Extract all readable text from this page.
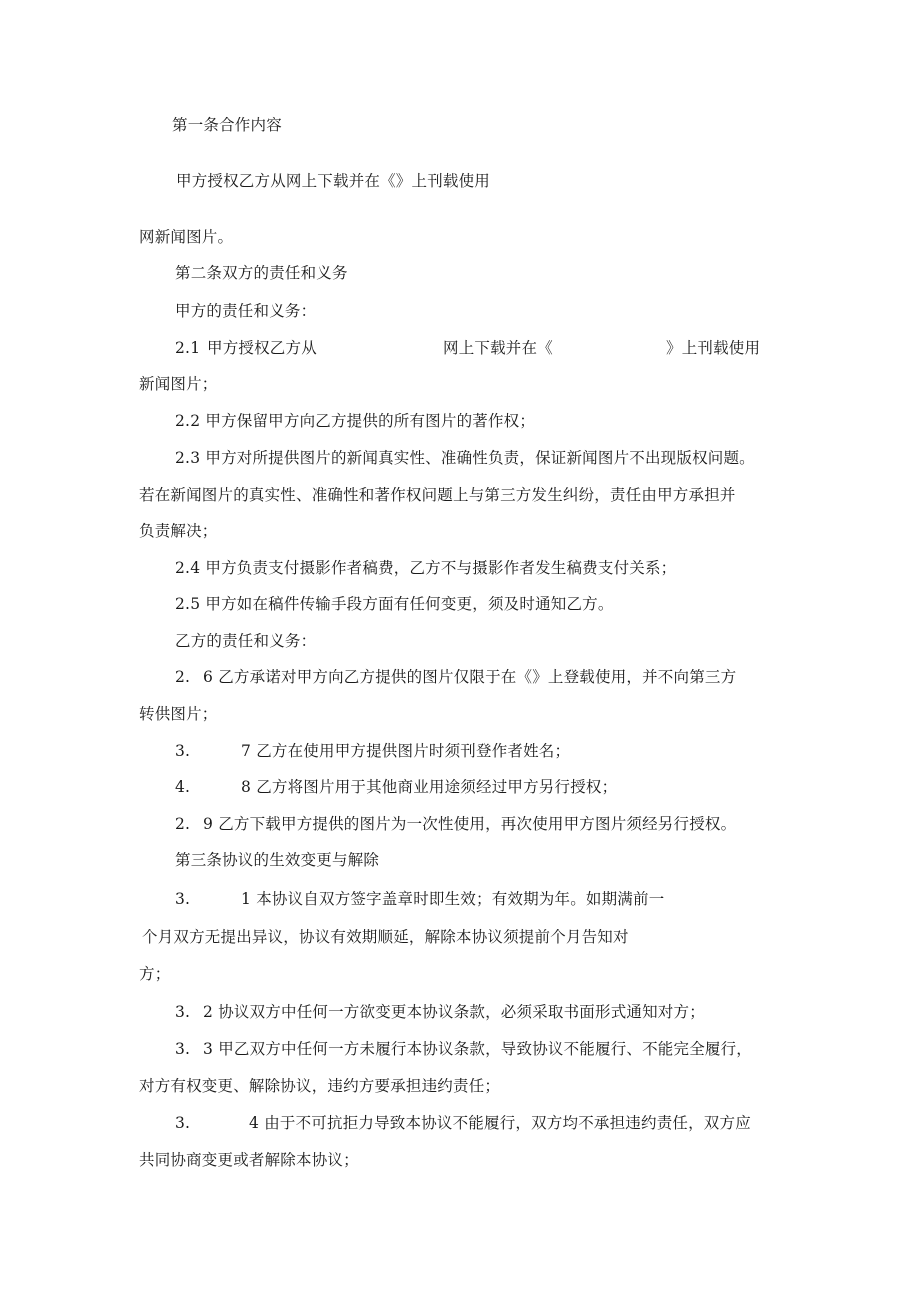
第一条合作内容
甲方授权乙方从网上下载并在《》上刊载使用
网新闻图片。
第二条双方的责任和义务
甲方的责任和义务：
2.1 甲方授权乙方从	网上下载并在《	》上刊载使用
新闻图片；
2.2 甲方保留甲方向乙方提供的所有图片的著作权；
2.3 甲方对所提供图片的新闻真实性、准确性负责，保证新闻图片不出现版权问题。
若在新闻图片的真实性、准确性和著作权问题上与第三方发生纠纷，责任由甲方承担并
负责解决；
2.4 甲方负责支付摄影作者稿费，乙方不与摄影作者发生稿费支付关系；
2.5 甲方如在稿件传输手段方面有任何变更，须及时通知乙方。
乙方的责任和义务：
2. 6 乙方承诺对甲方向乙方提供的图片仅限于在《》上登载使用，并不向第三方
转供图片；
3.	7 乙方在使用甲方提供图片时须刊登作者姓名；
4.	8 乙方将图片用于其他商业用途须经过甲方另行授权；
2. 9 乙方下载甲方提供的图片为一次性使用，再次使用甲方图片须经另行授权。
第三条协议的生效变更与解除
3.	1 本协议自双方签字盖章时即生效；有效期为年。如期满前一
个月双方无提出异议，协议有效期顺延，解除本协议须提前个月告知对
方；
3. 2 协议双方中任何一方欲变更本协议条款，必须采取书面形式通知对方；
3. 3 甲乙双方中任何一方未履行本协议条款，导致协议不能履行、不能完全履行，
对方有权变更、解除协议，违约方要承担违约责任；
3.	4 由于不可抗拒力导致本协议不能履行，双方均不承担违约责任，双方应
共同协商变更或者解除本协议；
